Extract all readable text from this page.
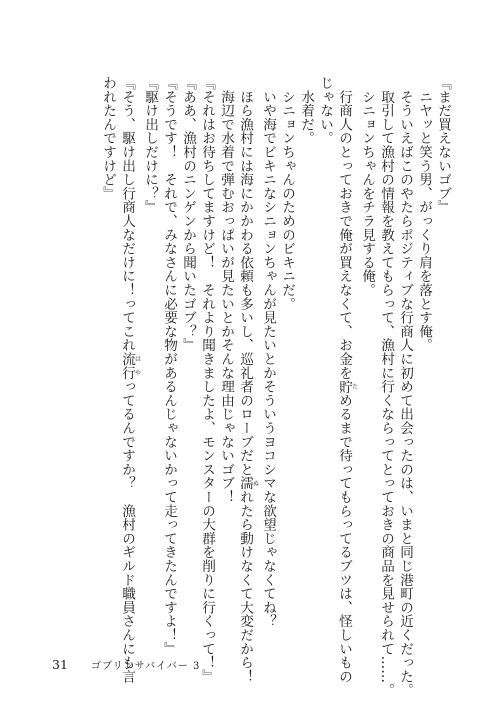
『まだ買えないゴブ』
　ニヤッと笑う男、がっくり肩を落とす俺。
　そういえばこのやたらポジティブな行商人に初めて出会ったのは、いまと同じ港町の近くだった。
　取引して漁村の情報を教えてもらって、漁村に行くならってとっておきの商品を見せられて……。
　シニョンちゃんをチラ見する俺。
　行商人のとっておきで俺が買えなくて、お金を貯ためるまで待ってもらってるブツは、怪しいもの
じゃない。
　水着だ。
　シニョンちゃんのためのビキニだ。
　いや海でビキニなシニョンちゃんが見たいとかそういうヨコシマな欲望じゃなくてね？
　ほら漁村には海にかかわる依頼も多いし、巡礼者のローブだと濡ぬれたら動けなくて大変だから！
　海辺で水着で弾むおっぱいが見たいとかそんな理由じゃないゴブ！
『それはお待ちしてますけど！　それより聞きましたよ、モンスターの大群を削りに行くって！』
『ああ、漁村のニンゲンから聞いたゴブ？』
『そうです！　それで、みなさんに必要な物があるんじゃないかって走ってきたんですよ！』
『駆け出しだけに？』
『そう、駆け出し行商人なだけに！ってこれ流行はやってるんですか？　漁村のギルド職員さんにも言
われたんですけど』
31 ゴブリンサバイバー 3
